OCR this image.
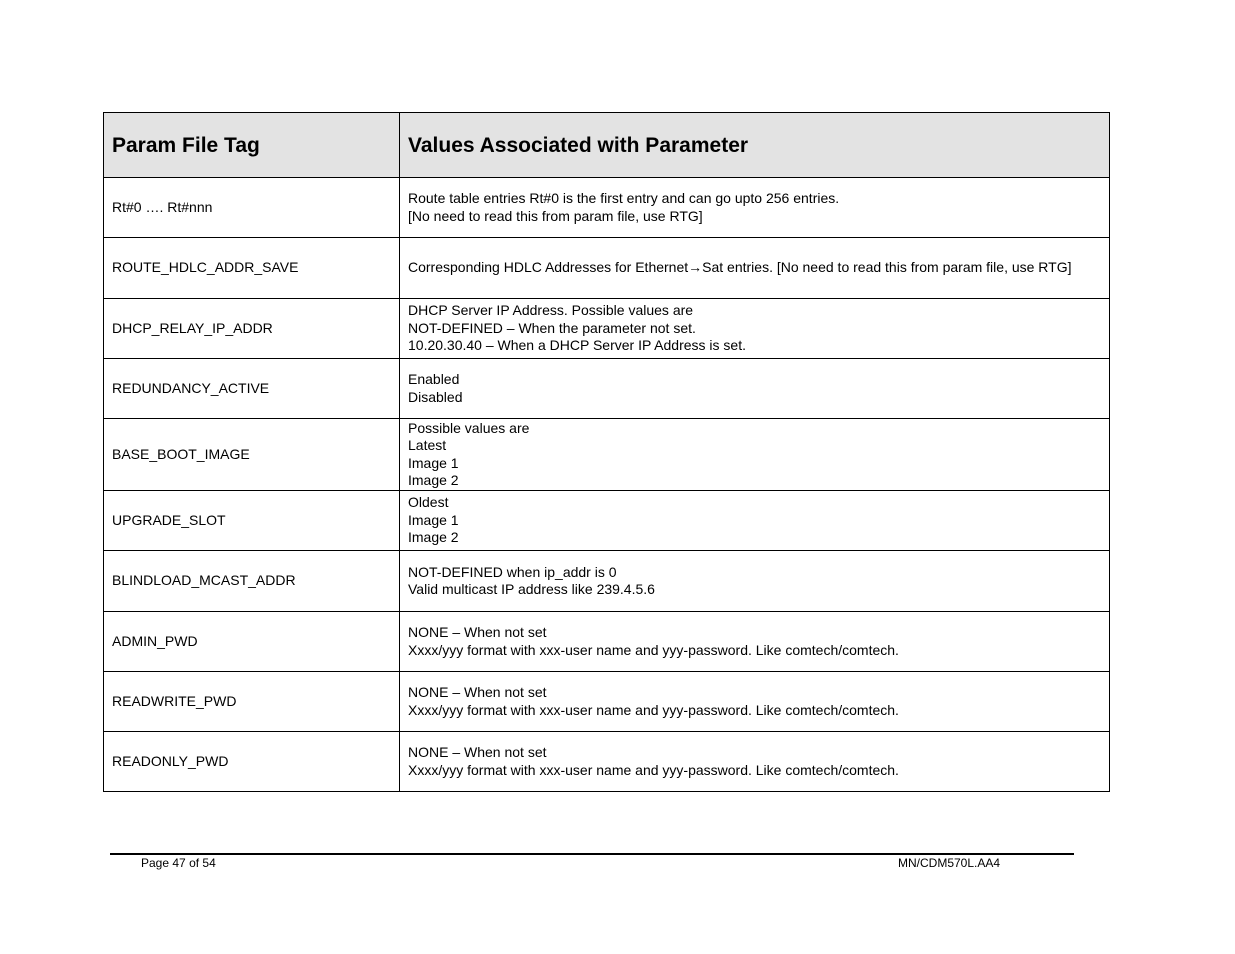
Param File Tag	Values Associated with Parameter
Rt#0 …. Rt#nnn	Route table entries Rt#0 is the first entry and can go upto 256 entries.
[No need to read this from param file, use RTG]

ROUTE_HDLC_ADDR_SAVE	Corresponding HDLC Addresses for Ethernet→Sat entries. [No need to read this from param file, use RTG]

DHCP_RELAY_IP_ADDR	DHCP Server IP Address. Possible values are
NOT-DEFINED – When the parameter not set.
10.20.30.40 – When a DHCP Server IP Address is set.

REDUNDANCY_ACTIVE	Enabled
Disabled

BASE_BOOT_IMAGE	Possible values are
Latest
Image 1
Image 2

UPGRADE_SLOT	Oldest
Image 1
Image 2

BLINDLOAD_MCAST_ADDR	NOT-DEFINED when ip_addr is 0
Valid multicast IP address like 239.4.5.6

ADMIN_PWD	NONE – When not set
Xxxx/yyy format with xxx-user name and yyy-password. Like comtech/comtech.

READWRITE_PWD	NONE – When not set
Xxxx/yyy format with xxx-user name and yyy-password. Like comtech/comtech.

READONLY_PWD	NONE – When not set
Xxxx/yyy format with xxx-user name and yyy-password. Like comtech/comtech.
Page 47 of 54	MN/CDM570L.AA4
